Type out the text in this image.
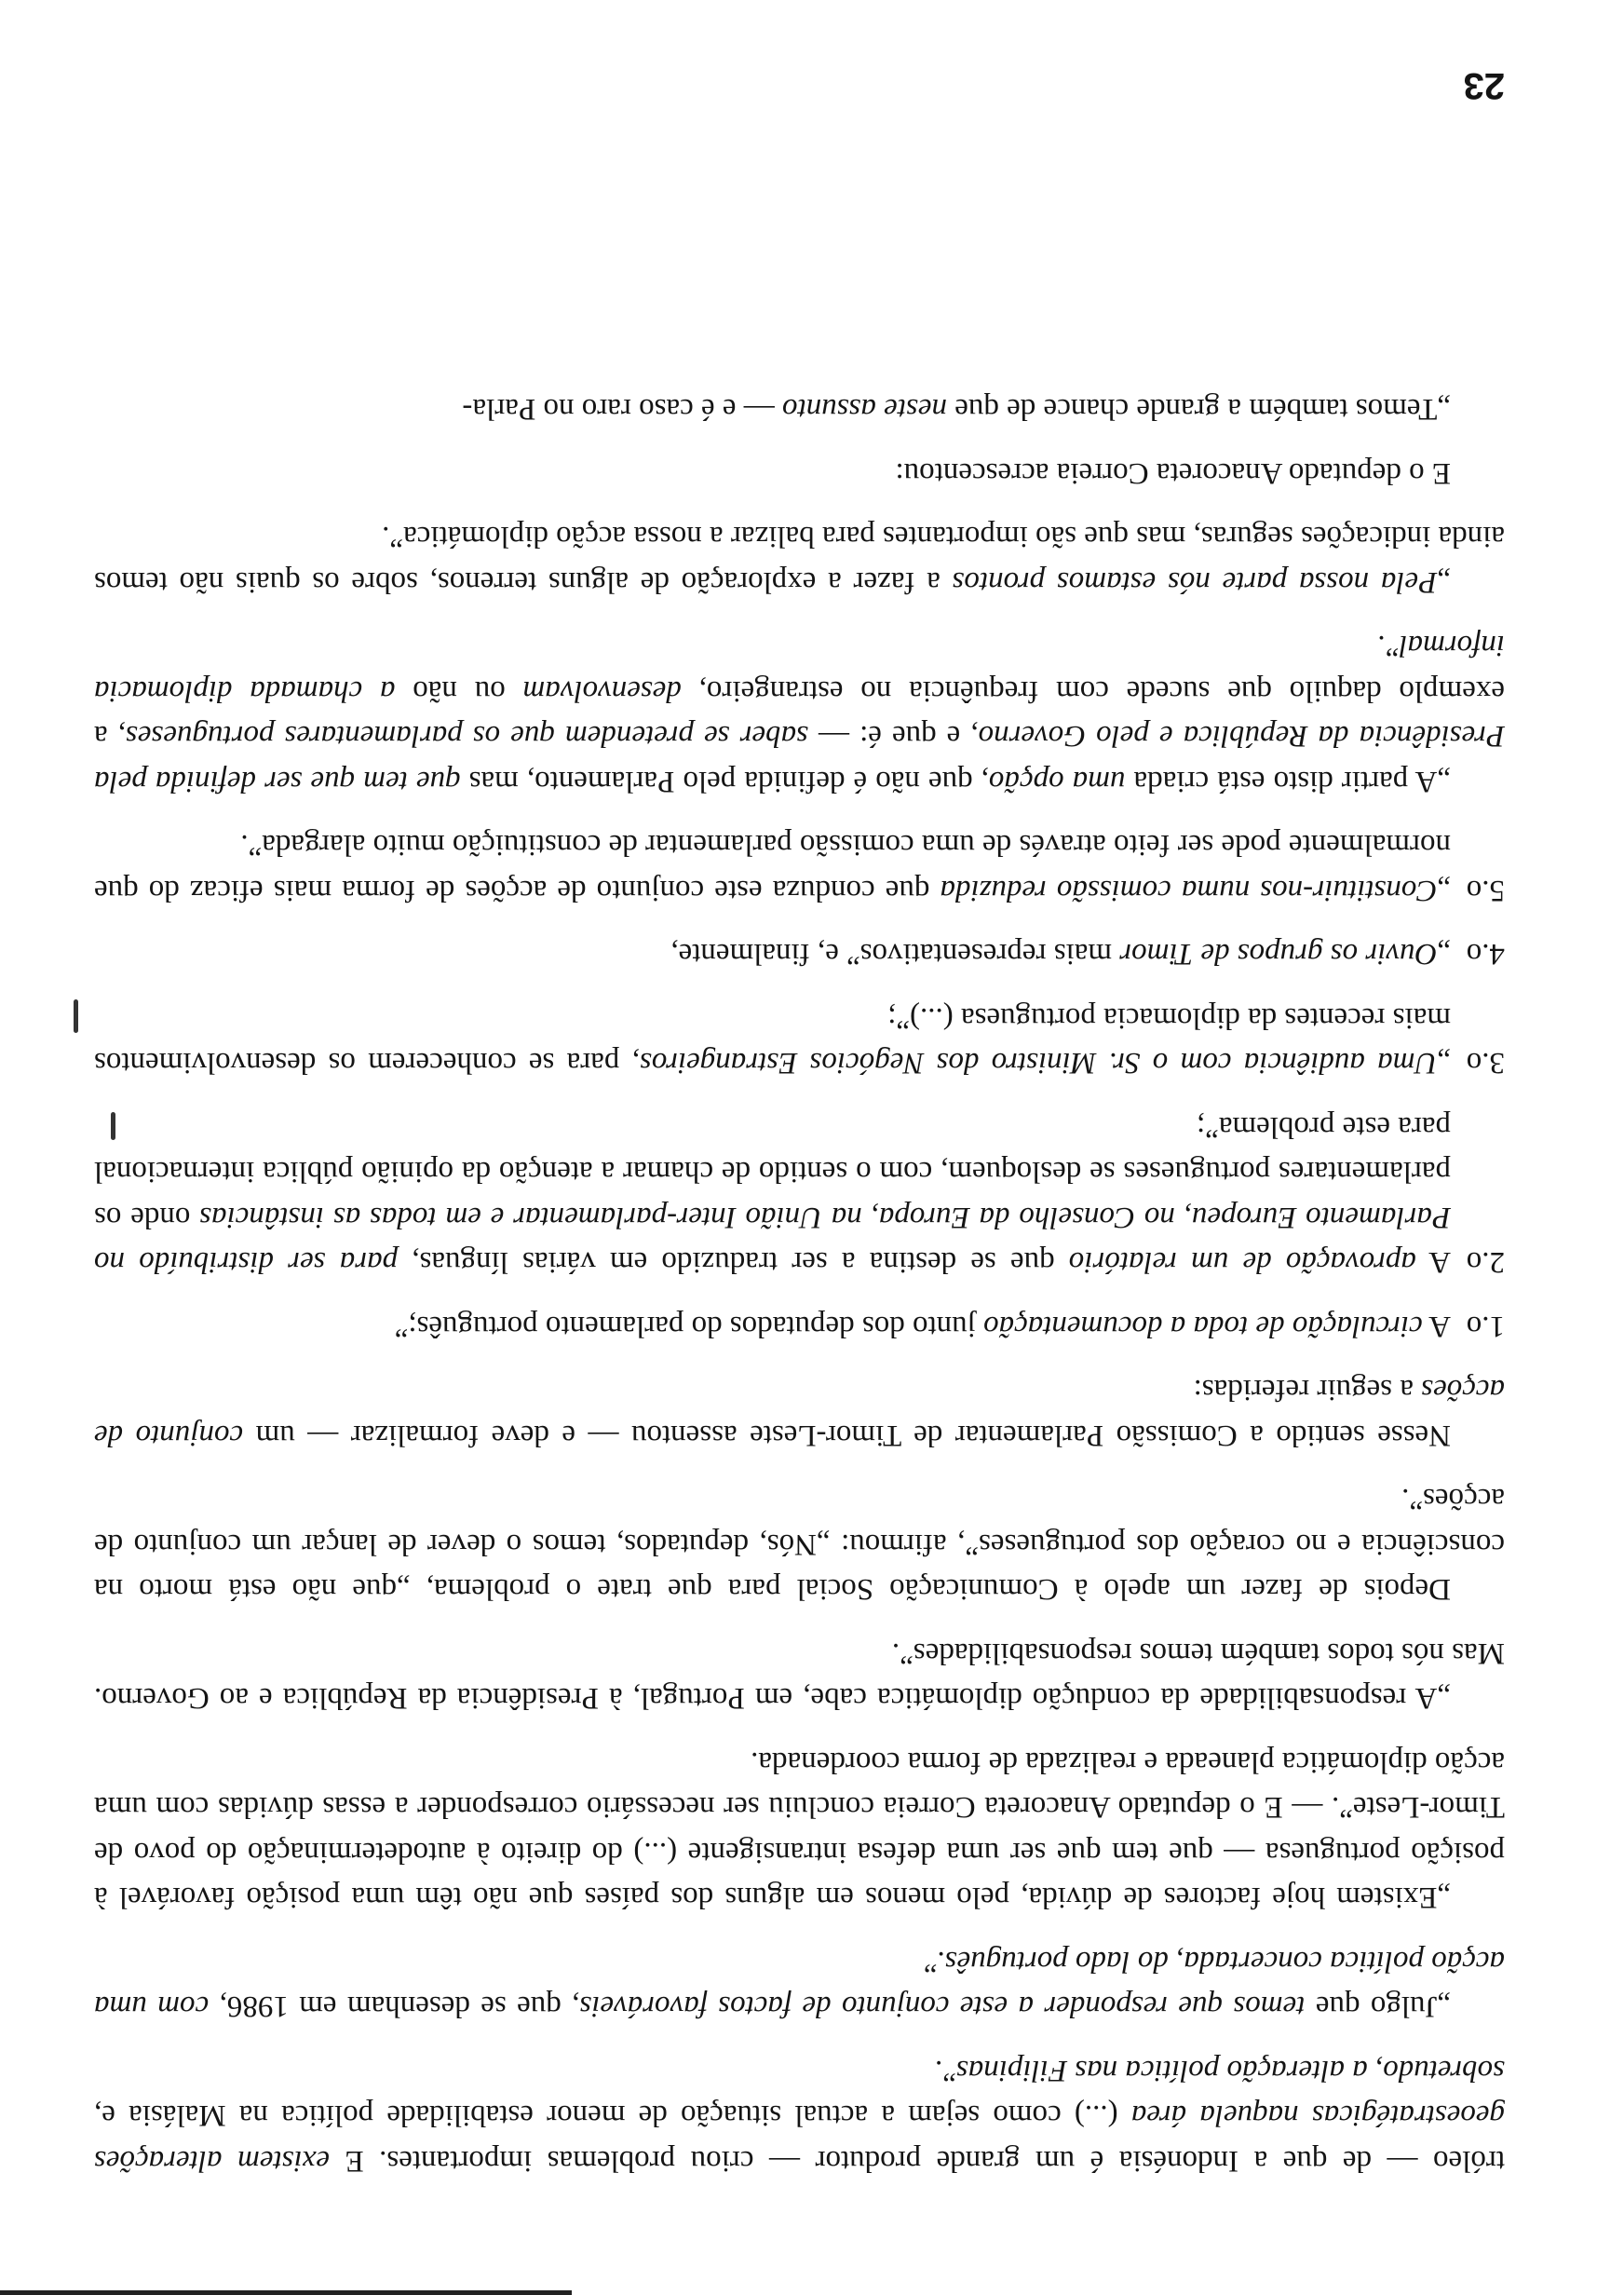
tróleo — de que a Indonésia é um grande produtor — criou problemas importantes. E existem alterações geoestratégicas naquela área (...) como sejam a actual situação de menor estabilidade política na Malásia e, sobretudo, a alteração política nas Filipinas”.

„Julgo que temos que responder a este conjunto de factos favoráveis, que se desenham em 1986, com uma acção política concertada, do lado português.”

„Existem hoje factores de dúvida, pelo menos em alguns dos países que não têm uma posição favorável à posição portuguesa — que tem que ser uma defesa intransigente (...) do direito à autodeterminação do povo de Timor-Leste”. — E o deputado Anacoreta Correia concluiu ser necessário corresponder a essas dúvidas com uma acção diplomática planeada e realizada de forma coordenada.

„A responsabilidade da condução diplomática cabe, em Portugal, à Presidência da República e ao Governo. Mas nós todos também temos responsabilidades”.

Depois de fazer um apelo à Comunicação Social para que trate o problema, „que não está morto na consciência e no coração dos portugueses”, afirmou: „Nós, deputados, temos o dever de lançar um conjunto de acções”.

Nesse sentido a Comissão Parlamentar de Timor-Leste assentou — e deve formalizar — um conjunto de acções a seguir referidas:

1.oA circulação de toda a documentação junto dos deputados do parlamento português;”

2.oA aprovação de um relatório que se destina a ser traduzido em várias línguas, para ser distribuído no Parlamento Europeu, no Conselho da Europa, na União Inter-parlamentar e em todas as instâncias onde os parlamentares portugueses se desloquem, com o sentido de chamar a atenção da opinião pública internacional para este problema”;

3.o„Uma audiência com o Sr. Ministro dos Negócios Estrangeiros, para se conhecerem os desenvolvimentos mais recentes da diplomacia portuguesa (...)”;

4.o„Ouvir os grupos de Timor mais representativos” e, finalmente,

5.o„Constituir-nos numa comissão reduzida que conduza este conjunto de acções de forma mais eficaz do que normalmente pode ser feito através de uma comissão parlamentar de constituição muito alargada”.

„A partir disto está criada uma opção, que não é definida pelo Parlamento, mas que tem que ser definida pela Presidência da República e pelo Governo, e que é: — saber se pretendem que os parlamentares portugueses, a exemplo daquilo que sucede com frequência no estrangeiro, desenvolvam ou não a chamada diplomacia informal”.

„Pela nossa parte nós estamos prontos a fazer a exploração de alguns terrenos, sobre os quais não temos ainda indicações seguras, mas que são importantes para balizar a nossa acção diplomática”.

E o deputado Anacoreta Correia acrescentou:

„Temos também a grande chance de que neste assunto — e é caso raro no Parla-

23
